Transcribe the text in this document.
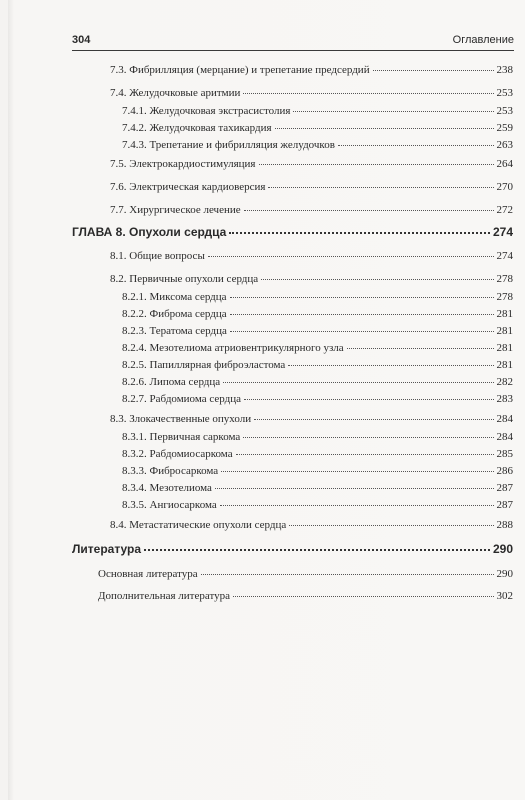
304	Оглавление
7.3. Фибрилляция (мерцание) и трепетание предсердий	238
7.4. Желудочковые аритмии	253
7.4.1. Желудочковая экстрасистолия	253
7.4.2. Желудочковая тахикардия	259
7.4.3. Трепетание и фибрилляция желудочков	263
7.5. Электрокардиостимуляция	264
7.6. Электрическая кардиоверсия	270
7.7. Хирургическое лечение	272
ГЛАВА 8. Опухоли сердца	274
8.1. Общие вопросы	274
8.2. Первичные опухоли сердца	278
8.2.1. Миксома сердца	278
8.2.2. Фиброма сердца	281
8.2.3. Тератома сердца	281
8.2.4. Мезотелиома атриовентрикулярного узла	281
8.2.5. Папиллярная фиброэластома	281
8.2.6. Липома сердца	282
8.2.7. Рабдомиома сердца	283
8.3. Злокачественные опухоли	284
8.3.1. Первичная саркома	284
8.3.2. Рабдомиосаркома	285
8.3.3. Фибросаркома	286
8.3.4. Мезотелиома	287
8.3.5. Ангиосаркома	287
8.4. Метастатические опухоли сердца	288
Литература	290
Основная литература	290
Дополнительная литература	302
